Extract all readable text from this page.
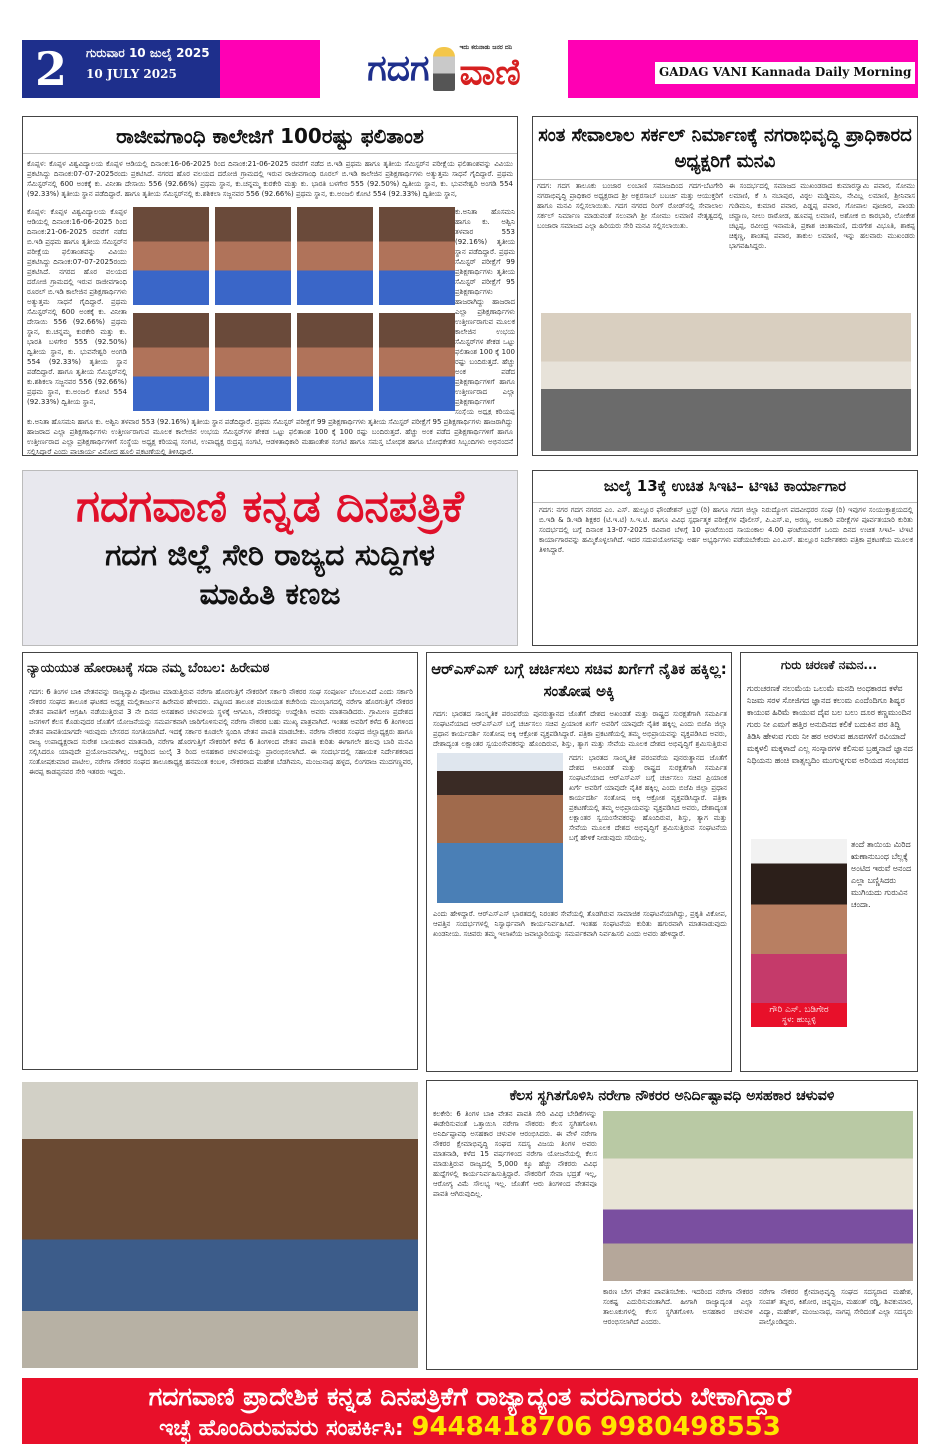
2	ಗುರುವಾರ 10 ಜುಲೈ 2025
10 JULY 2025	ಗದಗ
ಇದು ಕರುನಾಡು ಜನರ ದನಿ
ವಾಣಿ	GADAG VANI Kannada Daily Morning
ರಾಜೀವಗಾಂಧಿ ಕಾಲೇಜಿಗೆ 100ರಷ್ಟು ಫಲಿತಾಂಶ
ಕೊಪ್ಪಳ: ಕೊಪ್ಪಳ ವಿಶ್ವವಿದ್ಯಾಲಯ ಕೊಪ್ಪಳ ಆಡಿಯಲ್ಲಿ ದಿನಾಂಕ:16-06-2025 ರಿಂದ ದಿನಾಂಕ:21-06-2025 ರವರೆಗೆ ನಡೆದ ಬಿ.ಇಡಿ ಪ್ರಥಮ ಹಾಗೂ ತೃತೀಯ ಸೆಮಿಸ್ಟರ್‌ನ ಪರೀಕ್ಷೆಯ ಫಲಿತಾಂಶವನ್ನು ವಿವಿಯು ಪ್ರಕಟಿಸಿದ್ದು ದಿನಾಂಕ:07-07-2025ರಂದು ಪ್ರಕಟಿಸಿದೆ. ನಗರದ ಹೊರ ವಲಯದ ದರೋಜಿ ಗ್ರಾಮದಲ್ಲಿ ಇರುವ ರಾಜೀವಗಾಂಧಿ ರೂರಲ್ ಬಿ.ಇಡಿ ಕಾಲೇಜಿನ ಪ್ರಶಿಕ್ಷಣಾರ್ಥಿಗಳು ಅತ್ಯುತ್ತಮ ಸಾಧನೆ ಗೈದಿದ್ದಾರೆ. ಪ್ರಥಮ ಸೆಮಿಸ್ಟರ್‌ನಲ್ಲಿ 600 ಅಂಕಕ್ಕೆ ಕು. ವಿನೀತಾ ದೇಸಾಯಿ 556 (92.66%) ಪ್ರಥಮ ಸ್ಥಾನ, ಕು.ಚನ್ನಮ್ಮ ಕುರಕೇರಿ ಮತ್ತು ಕು. ಭಾರತಿ ಬಳಗೇರ 555 (92.50%) ದ್ವಿತೀಯ ಸ್ಥಾನ, ಕು. ಭುವನೇಶ್ವರಿ ಅಂಗಡಿ 554 (92.33%) ತೃತೀಯ ಸ್ಥಾನ ಪಡೆದಿದ್ದಾರೆ. ಹಾಗೂ ತೃತೀಯ ಸೆಮಿಸ್ಟರ್‌ನಲ್ಲಿ ಕು.ಶಶಿಕಲಾ ಸಜ್ಜನವರ 556 (92.66%) ಪ್ರಥಮ ಸ್ಥಾನ, ಕು.ಅಂಜಲಿ ಕೋಟಿ 554 (92.33%) ದ್ವಿತೀಯ ಸ್ಥಾನ,
ಕೊಪ್ಪಳ: ಕೊಪ್ಪಳ ವಿಶ್ವವಿದ್ಯಾಲಯ ಕೊಪ್ಪಳ ಆಡಿಯಲ್ಲಿ ದಿನಾಂಕ:16-06-2025 ರಿಂದ ದಿನಾಂಕ:21-06-2025 ರವರೆಗೆ ನಡೆದ ಬಿ.ಇಡಿ ಪ್ರಥಮ ಹಾಗೂ ತೃತೀಯ ಸೆಮಿಸ್ಟರ್‌ನ ಪರೀಕ್ಷೆಯ ಫಲಿತಾಂಶವನ್ನು ವಿವಿಯು ಪ್ರಕಟಿಸಿದ್ದು ದಿನಾಂಕ:07-07-2025ರಂದು ಪ್ರಕಟಿಸಿದೆ. ನಗರದ ಹೊರ ವಲಯದ ದರೋಜಿ ಗ್ರಾಮದಲ್ಲಿ ಇರುವ ರಾಜೀವಗಾಂಧಿ ರೂರಲ್ ಬಿ.ಇಡಿ ಕಾಲೇಜಿನ ಪ್ರಶಿಕ್ಷಣಾರ್ಥಿಗಳು ಅತ್ಯುತ್ತಮ ಸಾಧನೆ ಗೈದಿದ್ದಾರೆ. ಪ್ರಥಮ ಸೆಮಿಸ್ಟರ್‌ನಲ್ಲಿ 600 ಅಂಕಕ್ಕೆ ಕು. ವಿನೀತಾ ದೇಸಾಯಿ 556 (92.66%) ಪ್ರಥಮ ಸ್ಥಾನ, ಕು.ಚನ್ನಮ್ಮ ಕುರಕೇರಿ ಮತ್ತು ಕು. ಭಾರತಿ ಬಳಗೇರ 555 (92.50%) ದ್ವಿತೀಯ ಸ್ಥಾನ, ಕು. ಭುವನೇಶ್ವರಿ ಅಂಗಡಿ 554 (92.33%) ತೃತೀಯ ಸ್ಥಾನ ಪಡೆದಿದ್ದಾರೆ. ಹಾಗೂ ತೃತೀಯ ಸೆಮಿಸ್ಟರ್‌ನಲ್ಲಿ ಕು.ಶಶಿಕಲಾ ಸಜ್ಜನವರ 556 (92.66%) ಪ್ರಥಮ ಸ್ಥಾನ, ಕು.ಅಂಜಲಿ ಕೋಟಿ 554 (92.33%) ದ್ವಿತೀಯ ಸ್ಥಾನ,
ಕು.ಅನಿತಾ ಹೊಸಮನಿ ಹಾಗೂ ಕು. ಅಶ್ವಿನಿ ತಳವಾರ 553 (92.16%) ತೃತೀಯ ಸ್ಥಾನ ಪಡೆದಿದ್ದಾರೆ. ಪ್ರಥಮ ಸೆಮಿಸ್ಟರ್ ಪರೀಕ್ಷೆಗೆ 99 ಪ್ರಶಿಕ್ಷಣಾರ್ಥಿಗಳು ತೃತೀಯ ಸೆಮಿಸ್ಟರ್ ಪರೀಕ್ಷೆಗೆ 95 ಪ್ರಶಿಕ್ಷಣಾರ್ಥಿಗಳು ಹಾಜರಾಗಿದ್ದು ಹಾಜರಾದ ಎಲ್ಲಾ ಪ್ರಶಿಕ್ಷಣಾರ್ಥಿಗಳು ಉತ್ತೀರ್ಣರಾಗುವ ಮೂಲಕ ಕಾಲೇಜಿನ ಉಭಯ ಸೆಮಿಸ್ಟರ್‌ಗಳ ಶೇಕಡ ಒಟ್ಟು ಫಲಿತಾಂಶ 100 ಕ್ಕೆ 100 ರಷ್ಟು ಬಂದಿರುತ್ತದೆ. ಹೆಚ್ಚು ಅಂಕ ಪಡೆದ ಪ್ರಶಿಕ್ಷಣಾರ್ಥಿಗಳಿಗೆ ಹಾಗೂ ಉತ್ತೀರ್ಣರಾದ ಎಲ್ಲಾ ಪ್ರಶಿಕ್ಷಣಾರ್ಥಿಗಳಿಗೆ ಸಂಸ್ಥೆಯ ಅಧ್ಯಕ್ಷ ಕರಿಯಪ್ಪ
ಕು.ಅನಿತಾ ಹೊಸಮನಿ ಹಾಗೂ ಕು. ಅಶ್ವಿನಿ ತಳವಾರ 553 (92.16%) ತೃತೀಯ ಸ್ಥಾನ ಪಡೆದಿದ್ದಾರೆ. ಪ್ರಥಮ ಸೆಮಿಸ್ಟರ್ ಪರೀಕ್ಷೆಗೆ 99 ಪ್ರಶಿಕ್ಷಣಾರ್ಥಿಗಳು ತೃತೀಯ ಸೆಮಿಸ್ಟರ್ ಪರೀಕ್ಷೆಗೆ 95 ಪ್ರಶಿಕ್ಷಣಾರ್ಥಿಗಳು ಹಾಜರಾಗಿದ್ದು ಹಾಜರಾದ ಎಲ್ಲಾ ಪ್ರಶಿಕ್ಷಣಾರ್ಥಿಗಳು ಉತ್ತೀರ್ಣರಾಗುವ ಮೂಲಕ ಕಾಲೇಜಿನ ಉಭಯ ಸೆಮಿಸ್ಟರ್‌ಗಳ ಶೇಕಡ ಒಟ್ಟು ಫಲಿತಾಂಶ 100 ಕ್ಕೆ 100 ರಷ್ಟು ಬಂದಿರುತ್ತದೆ. ಹೆಚ್ಚು ಅಂಕ ಪಡೆದ ಪ್ರಶಿಕ್ಷಣಾರ್ಥಿಗಳಿಗೆ ಹಾಗೂ ಉತ್ತೀರ್ಣರಾದ ಎಲ್ಲಾ ಪ್ರಶಿಕ್ಷಣಾರ್ಥಿಗಳಿಗೆ ಸಂಸ್ಥೆಯ ಅಧ್ಯಕ್ಷ ಕರಿಯಪ್ಪ ಸಂಗಟಿ, ಉಪಾಧ್ಯಕ್ಷ ರುದ್ರಪ್ಪ ಸಂಗಟಿ, ಆಡಳಿತಾಧಿಕಾರಿ ಮಹಾಂತೇಶ ಸಂಗಟಿ ಹಾಗೂ ಸಮಸ್ತ ಬೋಧಕ ಹಾಗೂ ಬೋಧಕೇತರ ಸಿಬ್ಬಂದಿಗಳು ಅಭಿನಂದನೆ ಸಲ್ಲಿಸಿದ್ದಾರೆ ಎಂದು ಪ್ರಾಚಾರ್ಯ ವಿನೋದ ಹೂಲಿ ಪ್ರಕಟಣೆಯಲ್ಲಿ ತಿಳಿಸಿದ್ದಾರೆ.
ಸಂತ ಸೇವಾಲಾಲ ಸರ್ಕಲ್ ನಿರ್ಮಾಣಕ್ಕೆ ನಗರಾಭಿವೃದ್ಧಿ ಪ್ರಾಧಿಕಾರದ ಅಧ್ಯಕ್ಷರಿಗೆ ಮನವಿ
ಗದಗ: ಗದಗ ತಾಲೂಕು ಬಂಜಾರ ಲಂಬಾಣಿ ಸಮಾಜದಿಂದ ಗದಗ-ಬೆಟಗೇರಿ ನಗರಾಭಿವೃದ್ಧಿ ಪ್ರಾಧಿಕಾರ ಅಧ್ಯಕ್ಷರಾದ ಶ್ರೀ ಅಕ್ಬರಸಾಬ್ ಬಬರ್ಚಿ ಮತ್ತು ಆಯುಕ್ತರಿಗೆ ಹಾಗೂ ಮನವಿ ಸಲ್ಲಿಸಲಾಯಿತು. ಗದಗ ನಗರದ ರಿಂಗ್ ರೋಡ್‌ನಲ್ಲಿ ಸೇವಾಲಾಲ ಸರ್ಕಲ್ ನಿರ್ಮಾಣ ಮಾಡುವಂತೆ ಸಲುವಾಗಿ ಶ್ರೀ ಸೋಮು ಲಮಾಣಿ ನೇತೃತ್ವದಲ್ಲಿ ಬಂಜಾರಾ ಸಮಾಜದ ಎಲ್ಲಾ ಹಿರಿಯರು ಸೇರಿ ಮನವಿ ಸಲ್ಲಿಸಲಾಯಿತು.
ಈ ಸಂದರ್ಭದಲ್ಲಿ ಸಮಾಜದ ಮುಖಂಡರಾದ ಕುಮಾರಸ್ವಾಮಿ ಪವಾರ, ಸೋಮು ಲಮಾಣಿ, ಕೆ ಸಿ ನಬಾಪುರ, ವಿಠ್ಠಲ ಮಡ್ಡಿಮನಿ, ನೇವಿಬ್ಲ ಲಮಾಣಿ, ಶ್ರೀನಿವಾಸ ಗುಡಿಮನಿ, ಕುಮಾರ ಪವಾರ, ಪಿಡ್ಡಪ್ಪ ಪವಾರ, ಗೋಪಾಲ ಪೂಜಾರ, ಪಾಂಡು ಚವ್ಹಾಣ, ನೀಲು ರಾಠೋಡ, ಹೂವಪ್ಪ ಲಮಾಣಿ, ಅಶೋಕ ಬಿ ಕಾರಭಾರಿ, ಲೋಕೇಶ ಚಟ್ಟಪ್ಪ, ರವೀಂದ್ರ ಇನಾಮತಿ, ಪ್ರಕಾಶ ಚಿಂತಾಮಣಿ, ದುರಗೇಶ ವಿಭೂತಿ, ಶಾಕಪ್ಪ ಚಿಕ್ಕಣ್ಣ, ಶಾಂತಪ್ಪ ಪವಾರ, ತಾಕುಲ ಲಮಾಣಿ, ಇನ್ನು ಹಲವಾರು ಮುಖಂಡರು ಭಾಗವಹಿಸಿದ್ದರು.
ಗದಗವಾಣಿ ಕನ್ನಡ ದಿನಪತ್ರಿಕೆ
ಗದಗ ಜಿಲ್ಲೆ ಸೇರಿ ರಾಜ್ಯದ ಸುದ್ದಿಗಳ
ಮಾಹಿತಿ ಕಣಜ
ಜುಲೈ 13ಕ್ಕೆ ಉಚಿತ ಸಿಇಟಿ– ಟಿಇಟಿ ಕಾರ್ಯಾಗಾರ
ಗದಗ: ನಗರ ಗದಗ ನಗರದ ಎಂ. ಎಸ್. ಹುಲ್ಲೂರ ಫೌಂಡೇಶನ್ ಟ್ರಸ್ಟ್ (ರಿ) ಹಾಗೂ ಗದಗ ಜಿಲ್ಲಾ ನಿರುದ್ಯೋಗ ಪದವೀಧರರ ಸಂಘ (ರಿ) ಇವುಗಳ ಸಂಯುಕ್ತಾಶ್ರಯದಲ್ಲಿ ಬಿ.ಇಡಿ & ಡಿ.ಇಡಿ ಶಿಕ್ಷಕರ (ಟಿ.ಇ.ಟಿ) ಸಿ.ಇ.ಟಿ. ಹಾಗೂ ವಿವಿಧ ಸ್ಪರ್ಧಾತ್ಮಕ ಪರೀಕ್ಷೆಗಳ ಪೊಲೀಸ್, ಪಿ.ಎಸ್.ಐ, ಅರಣ್ಯ, ಅಬಕಾರಿ ಪರೀಕ್ಷೆಗಳ ಪೂರ್ವತಯಾರಿ ಕುರಿತು ಸಂದರ್ಭದಲ್ಲಿ ಬಗ್ಗೆ ದಿನಾಂಕ 13-07-2025 ರವಿವಾರ ಬೆಳಿಗ್ಗೆ 10 ಘಂಟೆಯಿಂದ ಸಾಯಂಕಾಲ 4.00 ಘಂಟೆಯವರೆಗೆ ಒಂದು ದಿನದ ಉಚಿತ ಸಿಇಟಿ– ಟಿಇಟಿ ಕಾರ್ಯಾಗಾರವನ್ನು ಹಮ್ಮಿಕೊಳ್ಳಲಾಗಿದೆ. ಇದರ ಸದುಪಯೋಗವನ್ನು ಅರ್ಹ ಅಭ್ಯರ್ಥಿಗಳು ಪಡೆಯಬೇಕೆಂದು ಎಂ.ಎಸ್. ಹುಲ್ಲೂರ ನಿರ್ದೇಶಕರು ಪತ್ರಿಕಾ ಪ್ರಕಟಣೆಯ ಮೂಲಕ ತಿಳಿಸಿದ್ದಾರೆ.
ನ್ಯಾಯಯುತ ಹೋರಾಟಕ್ಕೆ ಸದಾ ನಮ್ಮ ಬೆಂಬಲ: ಹಿರೇಮಠ
ಗದಗ: 6 ತಿಂಗಳ ಬಾಕಿ ವೇತನವನ್ನು ರಾಜ್ಯವ್ಯಾಪಿ ಪೋರಾಟ ಮಾಡುತ್ತಿರುವ ನರೇಗಾ ಹೊರಗುತ್ತಿಗೆ ನೌಕರರಿಗೆ ಸರ್ಕಾರಿ ನೌಕರರ ಸಂಘ ಸಂಪೂರ್ಣ ಬೆಂಬಲವಿದೆ ಎಂದು ಸರ್ಕಾರಿ ನೌಕರರ ಸಂಘದ ತಾಲೂಕ ಘಟಕದ ಅಧ್ಯಕ್ಷ ಮಲ್ಲಿಕಾರ್ಜುನ ಹಿರೇಮಠ ಹೇಳಿದರು. ಪಟ್ಟಣದ ತಾಲೂಕ ಪಂಚಾಯತ ಕಚೇರಿಯ ಮುಂಭಾಗದಲ್ಲಿ ನರೇಗಾ ಹೊರಗುತ್ತಿಗೆ ನೌಕರರ ವೇತನ ಪಾವತಿಗೆ ಆಗ್ರಹಿಸಿ ನಡೆಯುತ್ತಿರುವ 3 ನೇ ದಿನದ ಅಸಹಕಾರ ಚಳುವಳಿಯ ಸ್ಥಳಕ್ಕೆ ಆಗಮಿಸಿ, ನೌಕರರನ್ನು ಉದ್ದೇಶಿಸಿ ಅವರು ಮಾತನಾಡಿದರು. ಗ್ರಾಮೀಣ ಪ್ರದೇಶದ ಜನಗಳಿಗೆ ಕೆಲಸ ಕೊಡುವುದರ ಜೊತೆಗೆ ಯೋಜನೆಯನ್ನು ಸಮರ್ಪಕವಾಗಿ ಜಾರಿಗೊಳಿಸುವಲ್ಲಿ ನರೇಗಾ ನೌಕರರ ಬಹು ಮುಖ್ಯ ಪಾತ್ರವಾಗಿದೆ. ಇಂತಹ ಅವರಿಗೆ ಕಳೆದ 6 ತಿಂಗಳಿಂದ ವೇತನ ಪಾವತಿಯಾಗದೇ ಇರುವುದು ಬೇಸರದ ಸಂಗತಿಯಾಗಿದೆ. ಇದಕ್ಕೆ ಸರ್ಕಾರ ಕೂಡಲೇ ಸ್ಪಂದಿಸಿ ವೇತನ ಪಾವತಿ ಮಾಡಬೇಕು. ನರೇಗಾ ನೌಕರರ ಸಂಘದ ಜಿಲ್ಲಾಧ್ಯಕ್ಷರು ಹಾಗೂ ರಾಜ್ಯ ಉಪಾಧ್ಯಕ್ಷರಾದ ಸುರೇಶ ಬಾಯಕಾರ ಮಾತನಾಡಿ, ನರೇಗಾ ಹೊರಗುತ್ತಿಗೆ ನೌಕರರಿಗೆ ಕಳೆದ 6 ತಿಂಗಳಿಂದ ವೇತನ ಪಾವತಿ ಕುರಿತು ಈಗಾಗಲೇ ಹಲವು ಬಾರಿ ಮನವಿ ಸಲ್ಲಿಸಿದರೂ ಯಾವುದೇ ಪ್ರಯೋಜನವಾಗಿಲ್ಲ. ಆದ್ದರಿಂದ ಜುಲೈ 3 ರಿಂದ ಅಸಹಕಾರ ಚಳುವಳಿಯನ್ನು ಪ್ರಾರಂಭಿಸಲಾಗಿದೆ. ಈ ಸಂದರ್ಭದಲ್ಲಿ ಸಹಾಯಕ ನಿರ್ದೇಶಕರಾದ ಸಂತೋಷಕುಮಾರ ಪಾಟೀಲ, ನರೇಗಾ ನೌಕರರ ಸಂಘದ ತಾಲೂಕಾಧ್ಯಕ್ಷ ಹನಮಂತ ಕಂಬಳಿ, ನೌಕರರಾದ ಮಹೇಶ ಬೆಡಗಿಮನಿ, ಮಂಜುನಾಥ ಹಳ್ಳದ, ಲಿಂಗರಾಜ ಮುದಗಣ್ಣವರ, ಈರಪ್ಪ ಕಾಡಪ್ಪನವರ ಸೇರಿ ಇತರರು ಇದ್ದರು.
ಆರ್‌ಎಸ್‌ಎಸ್ ಬಗ್ಗೆ ಚರ್ಚಿಸಲು ಸಚಿವ ಖರ್ಗೆಗೆ ನೈತಿಕ ಹಕ್ಕಿಲ್ಲ: ಸಂತೋಷ ಅಕ್ಕಿ
ಗದಗ: ಭಾರತದ ಸಾಂಸ್ಕೃತಿಕ ಪರಂಪರೆಯ ಪುನರುತ್ಥಾನದ ಜೊತೆಗೆ ದೇಶದ ಅಖಂಡತೆ ಮತ್ತು ರಾಷ್ಟ್ರದ ಸುರಕ್ಷತೆಗಾಗಿ ಸಮರ್ಪಿತ ಸಂಘಟನೆಯಾದ ಆರ್‌ಎಸ್‌ಎಸ್ ಬಗ್ಗೆ ಚರ್ಚಿಸಲು ಸಚಿವ ಪ್ರಿಯಾಂಕ ಖರ್ಗೆ ಅವರಿಗೆ ಯಾವುದೇ ನೈತಿಕ ಹಕ್ಕಿಲ್ಲ ಎಂದು ಬಿಜೆಪಿ ಜಿಲ್ಲಾ ಪ್ರಧಾನ ಕಾರ್ಯದರ್ಶಿ ಸಂತೋಷ ಅಕ್ಕಿ ಆಕ್ರೋಶ ವ್ಯಕ್ತಪಡಿಸಿದ್ದಾರೆ. ಪತ್ರಿಕಾ ಪ್ರಕಟಣೆಯಲ್ಲಿ ತಮ್ಮ ಅಭಿಪ್ರಾಯವನ್ನು ವ್ಯಕ್ತಪಡಿಸಿದ ಅವರು, ದೇಶಾದ್ಯಂತ ಲಕ್ಷಾಂತರ ಸ್ವಯಂಸೇವಕರನ್ನು ಹೊಂದಿರುವ, ಶಿಸ್ತು, ತ್ಯಾಗ ಮತ್ತು ಸೇವೆಯ ಮೂಲಕ ದೇಶದ ಅಭಿವೃದ್ಧಿಗೆ ಶ್ರಮಿಸುತ್ತಿರುವ
ಗದಗ: ಭಾರತದ ಸಾಂಸ್ಕೃತಿಕ ಪರಂಪರೆಯ ಪುನರುತ್ಥಾನದ ಜೊತೆಗೆ ದೇಶದ ಅಖಂಡತೆ ಮತ್ತು ರಾಷ್ಟ್ರದ ಸುರಕ್ಷತೆಗಾಗಿ ಸಮರ್ಪಿತ ಸಂಘಟನೆಯಾದ ಆರ್‌ಎಸ್‌ಎಸ್ ಬಗ್ಗೆ ಚರ್ಚಿಸಲು ಸಚಿವ ಪ್ರಿಯಾಂಕ ಖರ್ಗೆ ಅವರಿಗೆ ಯಾವುದೇ ನೈತಿಕ ಹಕ್ಕಿಲ್ಲ ಎಂದು ಬಿಜೆಪಿ ಜಿಲ್ಲಾ ಪ್ರಧಾನ ಕಾರ್ಯದರ್ಶಿ ಸಂತೋಷ ಅಕ್ಕಿ ಆಕ್ರೋಶ ವ್ಯಕ್ತಪಡಿಸಿದ್ದಾರೆ. ಪತ್ರಿಕಾ ಪ್ರಕಟಣೆಯಲ್ಲಿ ತಮ್ಮ ಅಭಿಪ್ರಾಯವನ್ನು ವ್ಯಕ್ತಪಡಿಸಿದ ಅವರು, ದೇಶಾದ್ಯಂತ ಲಕ್ಷಾಂತರ ಸ್ವಯಂಸೇವಕರನ್ನು ಹೊಂದಿರುವ, ಶಿಸ್ತು, ತ್ಯಾಗ ಮತ್ತು ಸೇವೆಯ ಮೂಲಕ ದೇಶದ ಅಭಿವೃದ್ಧಿಗೆ ಶ್ರಮಿಸುತ್ತಿರುವ ಸಂಘಟನೆಯ ಬಗ್ಗೆ ಹೇಳಿಕೆ ನೀಡುವುದು ಸರಿಯಲ್ಲ.
ಎಂದು ಹೇಳಿದ್ದಾರೆ. ಆರ್‌ಎಸ್‌ಎಸ್ ಭಾರತದಲ್ಲಿ ನಿರಂತರ ಸೇವೆಯಲ್ಲಿ ತೊಡಗಿರುವ ಸಾಮಾಜಿಕ ಸಂಘಟನೆಯಾಗಿದ್ದು, ಪ್ರಕೃತಿ ವಿಕೋಪ, ಆಪತ್ತಿನ ಸಂದರ್ಭಗಳಲ್ಲಿ ನಿಸ್ವಾರ್ಥವಾಗಿ ಕಾರ್ಯನಿರ್ವಹಿಸಿದೆ. ಇಂತಹ ಸಂಘಟನೆಯ ಕುರಿತು ಹಗುರವಾಗಿ ಮಾತನಾಡುವುದು ಖಂಡನೀಯ. ಸಚಿವರು ತಮ್ಮ ಇಲಾಖೆಯ ಜವಾಬ್ದಾರಿಯನ್ನು ಸಮರ್ಪಕವಾಗಿ ನಿರ್ವಹಿಸಲಿ ಎಂದು ಅವರು ಹೇಳಿದ್ದಾರೆ.
ಗುರು ಚರಣಕೆ ನಮನ...
ಗುರುಚರಣಕೆ ನಲುಮೆಯ ಒಲುಮೆ ಮನದಿ ಅಂಧಕಾರದ ಕಳೆವ ನಿಜಮ ಸರಳ ಸೋಜಿಗದ ಜ್ಞಾನದ ಕಲುಮ ಎಂದೆಂದಿಗೂ ಶಿಷ್ಯರ ಕಾಯುವ ಹಿರಿಮೆ ಕಾಯುವ ದೈವ ಬಲ ಬಲು ದೂರ ಕಣ್ಣಮುಂದಿನ ಗುರು ನೀ ಎಮಗೆ ಹತ್ತಿರ ಅನುದಿನದ ಕಲಿಕೆ ಬದುಕಿನ ಪರ ತಿದ್ದಿ ತಿಡಿಸಿ ಹೇಳುವ ಗುರು ನೀ ಹರ ಅರಳುವ ಹೂವಗಳಿಗೆ ರವಿಯಾದೆ ಮಕ್ಕಳಲಿ ಮಕ್ಕಳಾದೆ ಎಲ್ಲ ಸಂಸ್ಕಾರಗಳ ಕಲಿಸುವ ಬ್ರಹ್ಮನಾದೆ ಜ್ಞಾನದ ನಿಧಿಯನು ಹಂಚಿ ವಾತ್ಸಲ್ಯದಿಂ ಮುಗುಳ್ನಗುವ ಅರಿಯದ ಸಂಭವದ
ತಂದೆ ತಾಯಿಯ ಮಿರಿದ ಋಣಾನುಬಂಧ ಬೆಲ್ಲಕ್ಕೆ ಅಂಟಿದ ಇರುವೆ ಅನಂದ ಎಲ್ಲಾ ಬಣ್ಣಿಸಿದರು ಮುಗಿಯದು ಗುರುವಿನ ಚಂದಾ.
ಗೌರಿ ಎಸ್. ಬಡಿಗೇರ
ಸ್ಥಳ: ಹುಬ್ಬಳ್ಳಿ
ಕೆಲಸ ಸ್ಥಗಿತಗೊಳಿಸಿ ನರೇಗಾ ನೌಕರರ ಅನಿರ್ದಿಷ್ಟಾವಧಿ ಅಸಹಕಾರ ಚಳುವಳಿ
ಕಲಕೇರಿ: 6 ತಿಂಗಳ ಬಾಕಿ ವೇತನ ಪಾವತಿ ಸೇರಿ ವಿವಿಧ ಬೇಡಿಕೆಗಳನ್ನು ಈಡೇರಿಸುವಂತೆ ಒತ್ತಾಯಿಸಿ ನರೇಗಾ ನೌಕರರು ಕೆಲಸ ಸ್ಥಗಿತಗೊಳಿಸಿ ಅನಿರ್ದಿಷ್ಟಾವಧಿ ಅಸಹಕಾರ ಚಳುವಳಿ ಆರಂಭಿಸಿದರು. ಈ ವೇಳೆ ನರೇಗಾ ನೌಕರರ ಕ್ಷೇಮಾಭಿವೃದ್ಧಿ ಸಂಘದ ಸದಸ್ಯ ವಿಜಯ ತಿಂಗಳ ಅವರು ಮಾತನಾಡಿ, ಕಳೆದ 15 ವರ್ಷಗಳಿಂದ ನರೇಗಾ ಯೋಜನೆಯಲ್ಲಿ ಕೆಲಸ ಮಾಡುತ್ತಿರುವ ರಾಜ್ಯದಲ್ಲಿ 5,000 ಕ್ಕೂ ಹೆಚ್ಚು ನೌಕರರು ವಿವಿಧ ಹುದ್ದೆಗಳಲ್ಲಿ ಕಾರ್ಯನಿರ್ವಹಿಸುತ್ತಿದ್ದಾರೆ. ನೌಕರರಿಗೆ ಸೇವಾ ಭದ್ರತೆ ಇಲ್ಲ, ಆರೋಗ್ಯ ವಿಮೆ ಸೌಲಭ್ಯ ಇಲ್ಲ. ಜೊತೆಗೆ ಆರು ತಿಂಗಳಿಂದ ವೇತನವೂ ಪಾವತಿ ಆಗಿರುವುದಿಲ್ಲ.
ಕಾರಣ ಬೇಗ ವೇತನ ಪಾವತಿಸಬೇಕು. ಇದರಿಂದ ನರೇಗಾ ನೌಕರರ ಸಂಕಷ್ಟ ಎದುರಿಸುವಂತಾಗಿದೆ. ಹೀಗಾಗಿ ರಾಜ್ಯಾದ್ಯಂತ ಎಲ್ಲಾ ತಾಲೂಕುಗಳಲ್ಲಿ ಕೆಲಸ ಸ್ಥಗಿತಗೊಳಿಸಿ ಅಸಹಕಾರ ಚಳುವಳಿ ಆರಂಭಿಸಲಾಗಿದೆ ಎಂದರು.
ನರೇಗಾ ನೌಕರರ ಕ್ಷೇಮಾಭಿವೃದ್ಧಿ ಸಂಘದ ಸದಸ್ಯರಾದ ಮಹೇಶ, ಸಂಪತ್ ತನ್ನೀರ, ಕಿಶೋರ, ಚಿನ್ನಪ್ಪಜ, ಮಹಂತ್ ರಡ್ಡಿ, ಶಿವಕುಮಾರ, ವಿದ್ಯಾ, ಮಹೇಶ್, ಮಂಜುನಾಥ, ನಾಗಪ್ಪ ಸೇರಿದಂತೆ ಎಲ್ಲಾ ಸದಸ್ಯರು ಪಾಲ್ಗೊಂಡಿದ್ದರು.
ಗದಗವಾಣಿ ಪ್ರಾದೇಶಿಕ ಕನ್ನಡ ದಿನಪತ್ರಿಕೆಗೆ ರಾಜ್ಯಾದ್ಯಂತ ವರದಿಗಾರರು ಬೇಕಾಗಿದ್ದಾರೆ
ಇಚ್ಛೆ ಹೊಂದಿರುವವರು ಸಂಪರ್ಕಿಸಿ: 9448418706 9980498553
